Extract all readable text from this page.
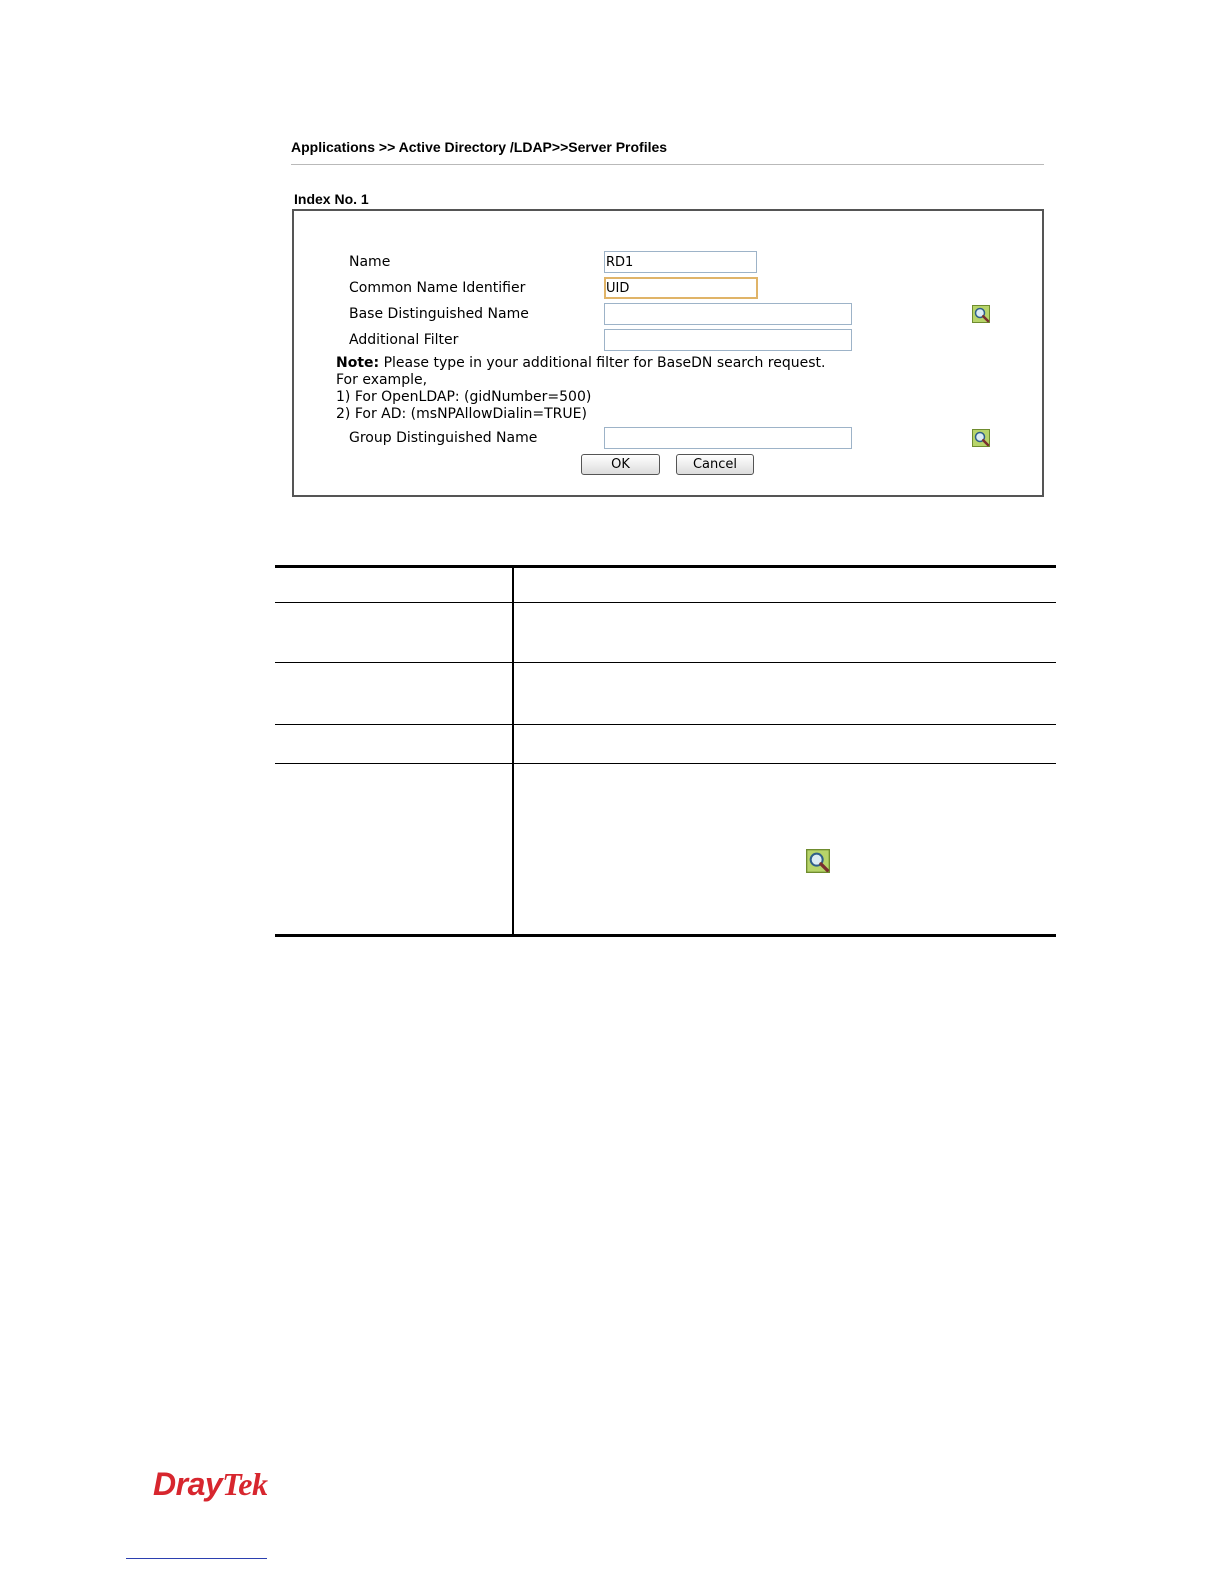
Applications >> Active Directory /LDAP>>Server Profiles
Index No. 1
Name
RD1
Common Name Identifier
UID
Base Distinguished Name
Additional Filter
Note: Please type in your additional filter for BaseDN search request.
For example,
1) For OpenLDAP: (gidNumber=500)
2) For AD: (msNPAllowDialin=TRUE)
Group Distinguished Name
OK	Cancel
DrayTek
